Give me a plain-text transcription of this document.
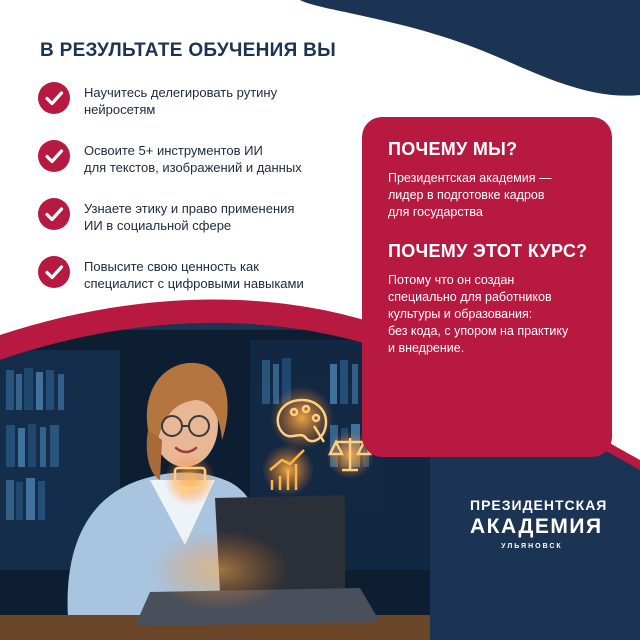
В РЕЗУЛЬТАТЕ ОБУЧЕНИЯ ВЫ
Научитесь делегировать рутину
нейросетям
Освоите 5+ инструментов ИИ
для текстов, изображений и данных
Узнаете этику и право применения
ИИ в социальной сфере
Повысите свою ценность как
специалист с цифровыми навыками
ПОЧЕМУ МЫ?

Президентская академия —
лидер в подготовке кадров
для государства

ПОЧЕМУ ЭТОТ КУРС?

Потому что он создан
специально для работников
культуры и образования:
без кода, с упором на практику
и внедрение.

ПРЕЗИДЕНТСКАЯ
АКАДЕМИЯ
УЛЬЯНОВСК
